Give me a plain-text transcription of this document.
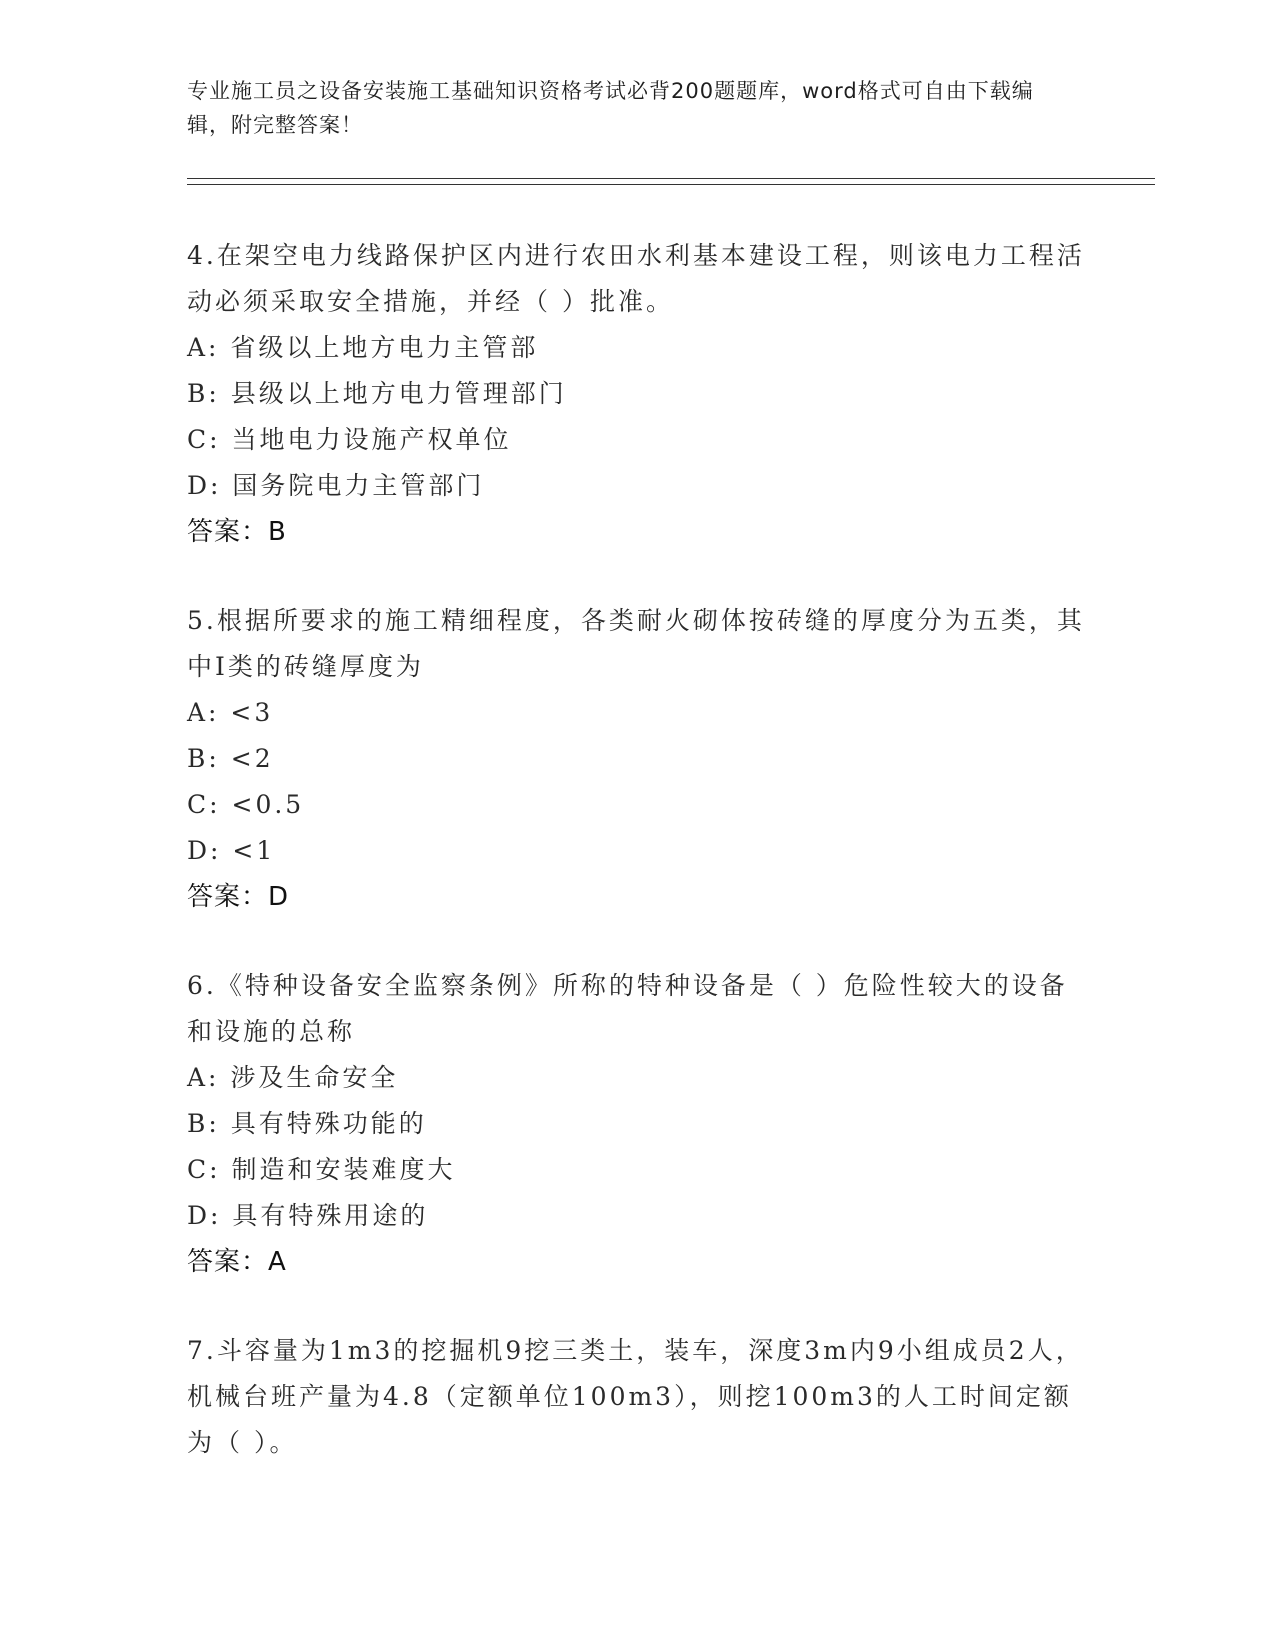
专业施工员之设备安装施工基础知识资格考试必背200题题库，word格式可自由下载编辑，附完整答案！

4.在架空电力线路保护区内进行农田水利基本建设工程，则该电力工程活动必须采取安全措施，并经（ ）批准。

A: 省级以上地方电力主管部

B: 县级以上地方电力管理部门

C: 当地电力设施产权单位

D: 国务院电力主管部门

答案：B

5.根据所要求的施工精细程度，各类耐火砌体按砖缝的厚度分为五类，其中Ⅰ类的砖缝厚度为

A: <3

B: <2

C: <0.5

D: <1

答案：D

6.《特种设备安全监察条例》所称的特种设备是（ ）危险性较大的设备和设施的总称

A: 涉及生命安全

B: 具有特殊功能的

C: 制造和安装难度大

D: 具有特殊用途的

答案：A

7.斗容量为1m3的挖掘机9挖三类土，装车，深度3m内9小组成员2人，机械台班产量为4.8（定额单位100m3），则挖100m3的人工时间定额为（ ）。
